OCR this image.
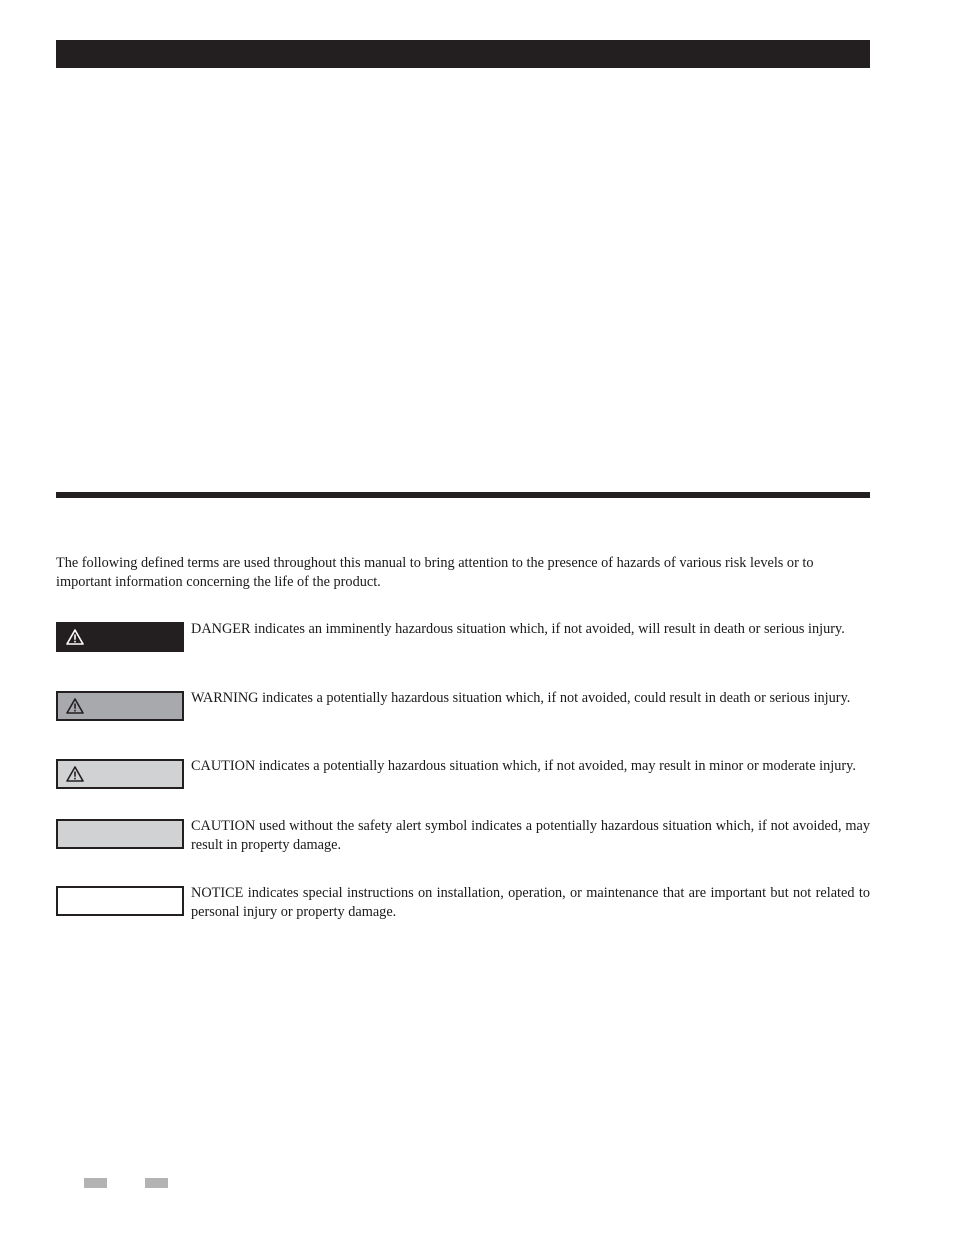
The following defined terms are used throughout this manual to bring attention to the presence of hazards of various risk levels or to important information concerning the life of the product.

DANGER indicates an imminently hazardous situation which, if not avoided, will result in death or serious injury.

WARNING indicates a potentially hazardous situation which, if not avoided, could result in death or serious injury.

CAUTION indicates a potentially hazardous situation which, if not avoided, may result in minor or moderate injury.

CAUTION used without the safety alert symbol indicates a potentially hazardous situation which, if not avoided, may result in property damage.

NOTICE indicates special instructions on installation, operation, or maintenance that are important but not related to personal injury or property damage.
